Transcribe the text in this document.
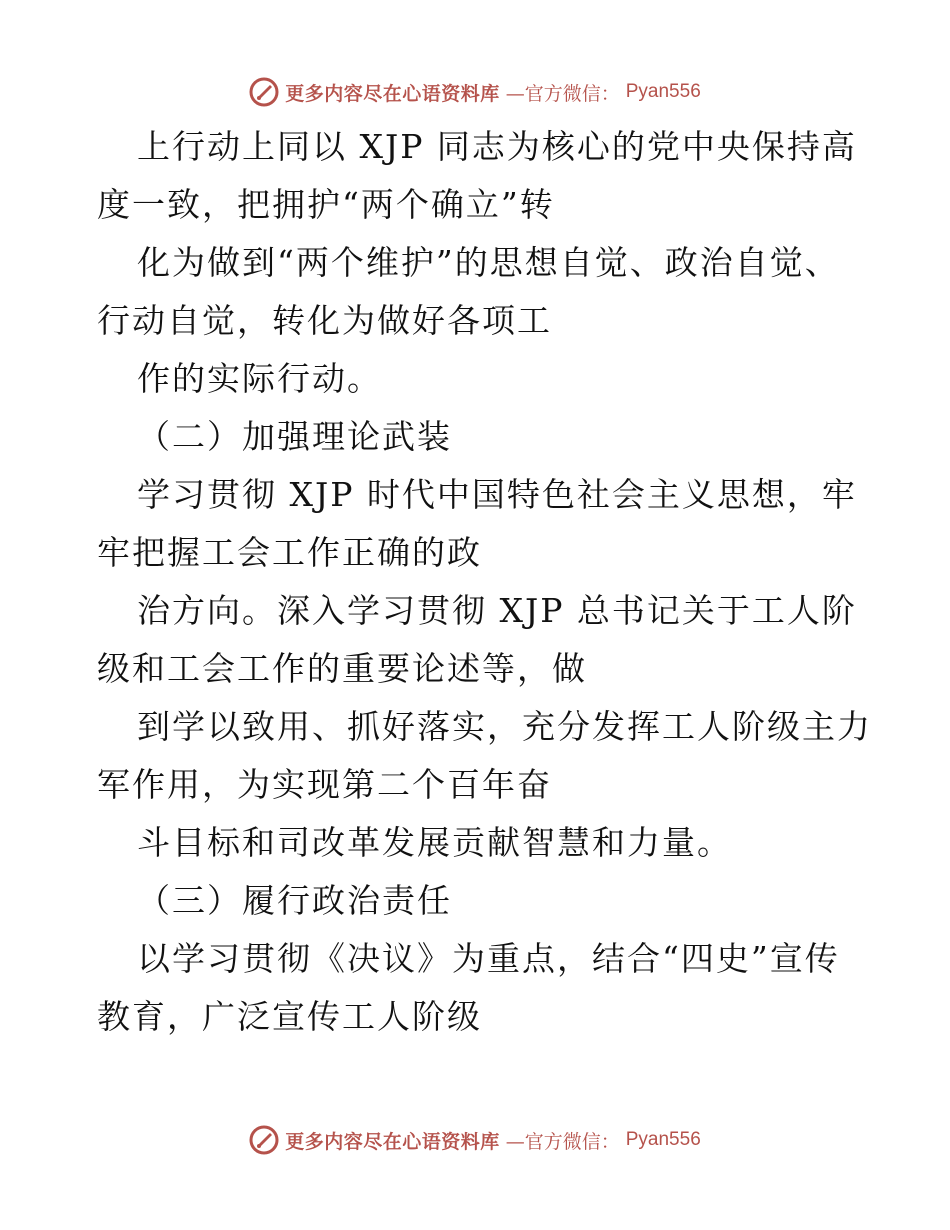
更多内容尽在心语资料库 —官方微信： Pyan556
上行动上同以 XJP 同志为核心的党中央保持高
度一致，把拥护“两个确立”转
化为做到“两个维护”的思想自觉、政治自觉、
行动自觉，转化为做好各项工
作的实际行动。
（二）加强理论武装
学习贯彻 XJP 时代中国特色社会主义思想，牢
牢把握工会工作正确的政
治方向。深入学习贯彻 XJP 总书记关于工人阶
级和工会工作的重要论述等，做
到学以致用、抓好落实，充分发挥工人阶级主力
军作用，为实现第二个百年奋
斗目标和司改革发展贡献智慧和力量。
（三）履行政治责任
以学习贯彻《决议》为重点，结合“四史”宣传
教育，广泛宣传工人阶级
更多内容尽在心语资料库 —官方微信： Pyan556
